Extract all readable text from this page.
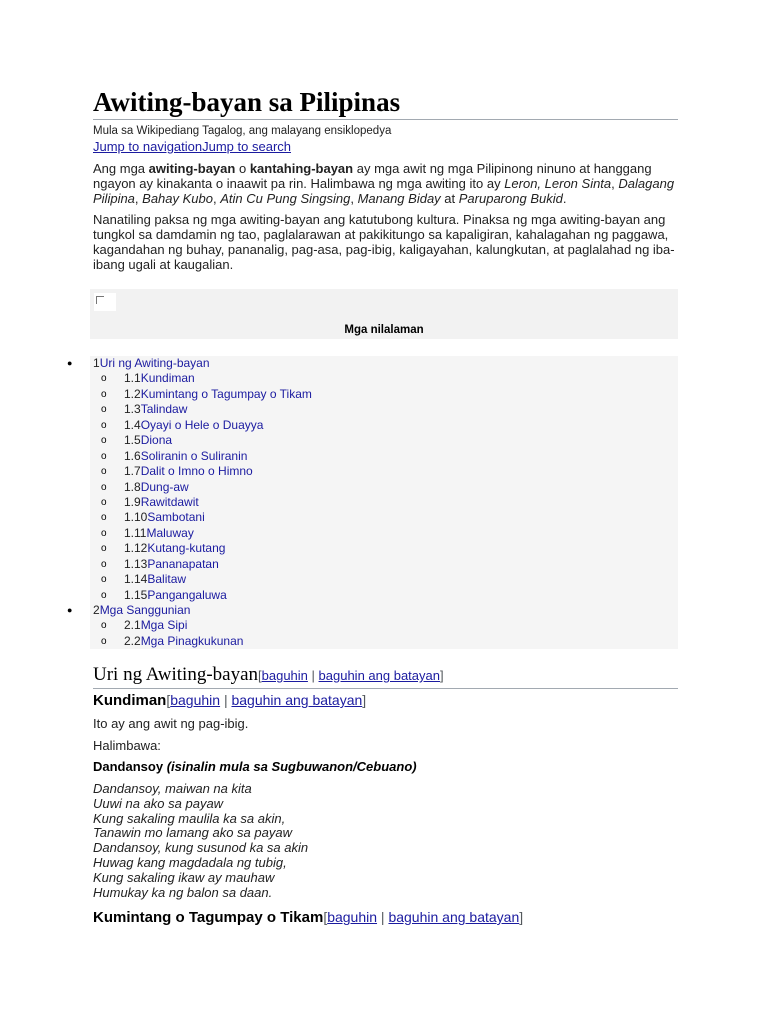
Awiting-bayan sa Pilipinas
Mula sa Wikipediang Tagalog, ang malayang ensiklopedya
Jump to navigationJump to search

Ang mga awiting-bayan o kantahing-bayan ay mga awit ng mga Pilipinong ninuno at hanggang ngayon ay kinakanta o inaawit pa rin. Halimbawa ng mga awiting ito ay Leron, Leron Sinta, Dalagang Pilipina, Bahay Kubo, Atin Cu Pung Singsing, Manang Biday at Paruparong Bukid.

Nanatiling paksa ng mga awiting-bayan ang katutubong kultura. Pinaksa ng mga awiting-bayan ang tungkol sa damdamin ng tao, paglalarawan at pakikitungo sa kapaligiran, kahalagahan ng paggawa, kagandahan ng buhay, pananalig, pag-asa, pag-ibig, kaligayahan, kalungkutan, at paglalahad ng iba-ibang ugali at kaugalian.

Mga nilalaman
● 1Uri ng Awiting-bayan
o 1.1Kundiman
o 1.2Kumintang o Tagumpay o Tikam
o 1.3Talindaw
o 1.4Oyayi o Hele o Duayya
o 1.5Diona
o 1.6Soliranin o Suliranin
o 1.7Dalit o Imno o Himno
o 1.8Dung-aw
o 1.9Rawitdawit
o 1.10Sambotani
o 1.11Maluway
o 1.12Kutang-kutang
o 1.13Pananapatan
o 1.14Balitaw
o 1.15Pangangaluwa
● 2Mga Sanggunian
o 2.1Mga Sipi
o 2.2Mga Pinagkukunan
Uri ng Awiting-bayan[baguhin | baguhin ang batayan]
Kundiman[baguhin | baguhin ang batayan]
Ito ay ang awit ng pag-ibig.
Halimbawa:
Dandansoy (isinalin mula sa Sugbuwanon/Cebuano)
Dandansoy, maiwan na kita
Uuwi na ako sa payaw
Kung sakaling maulila ka sa akin,
Tanawin mo lamang ako sa payaw
Dandansoy, kung susunod ka sa akin
Huwag kang magdadala ng tubig,
Kung sakaling ikaw ay mauhaw
Humukay ka ng balon sa daan.
Kumintang o Tagumpay o Tikam[baguhin | baguhin ang batayan]
